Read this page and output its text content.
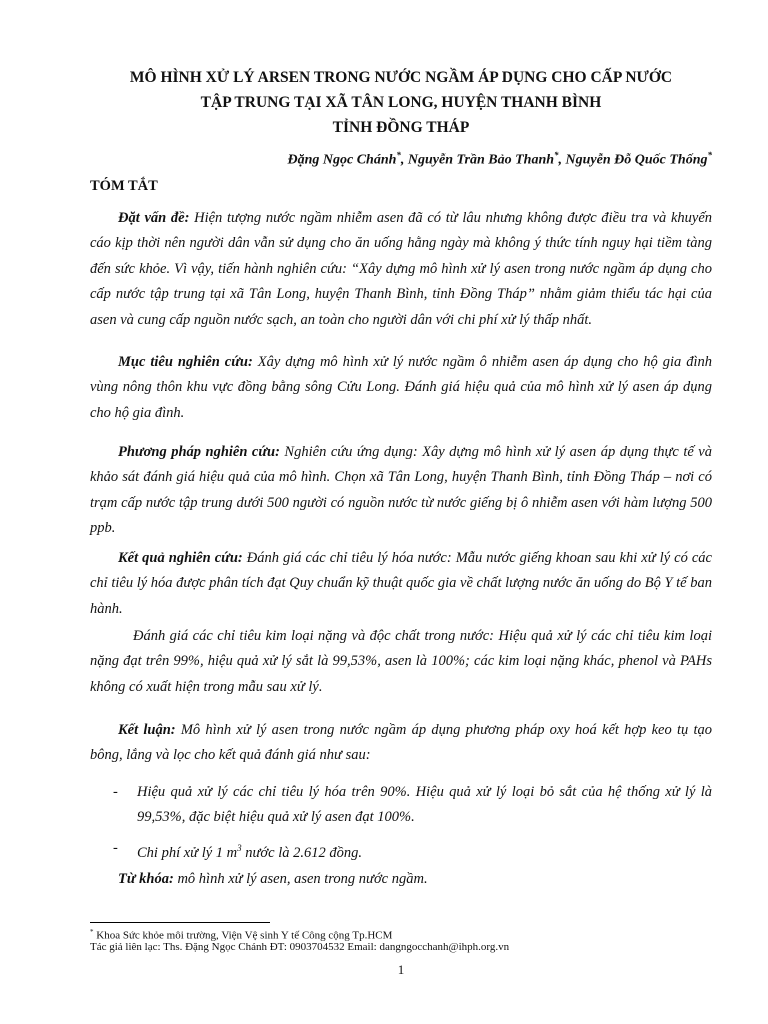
MÔ HÌNH XỬ LÝ ARSEN TRONG NƯỚC NGẦM ÁP DỤNG CHO CẤP NƯỚC
TẬP TRUNG TẠI XÃ TÂN LONG, HUYỆN THANH BÌNH
TỈNH ĐỒNG THÁP
Đặng Ngọc Chánh*, Nguyễn Trần Bảo Thanh*, Nguyễn Đỗ Quốc Thống*
TÓM TẮT
Đặt vấn đề: Hiện tượng nước ngầm nhiễm asen đã có từ lâu nhưng không được điều tra và khuyến cáo kịp thời nên người dân vẫn sử dụng cho ăn uống hằng ngày mà không ý thức tính nguy hại tiềm tàng đến sức khỏe. Vì vậy, tiến hành nghiên cứu: “Xây dựng mô hình xử lý asen trong nước ngầm áp dụng cho cấp nước tập trung tại xã Tân Long, huyện Thanh Bình, tỉnh Đồng Tháp” nhằm giảm thiểu tác hại của asen và cung cấp nguồn nước sạch, an toàn cho người dân với chi phí xử lý thấp nhất.
Mục tiêu nghiên cứu: Xây dựng mô hình xử lý nước ngầm ô nhiễm asen áp dụng cho hộ gia đình vùng nông thôn khu vực đồng bằng sông Cửu Long. Đánh giá hiệu quả của mô hình xử lý asen áp dụng cho hộ gia đình.
Phương pháp nghiên cứu: Nghiên cứu ứng dụng: Xây dựng mô hình xử lý asen áp dụng thực tế và khảo sát đánh giá hiệu quả của mô hình. Chọn xã Tân Long, huyện Thanh Bình, tỉnh Đồng Tháp – nơi có trạm cấp nước tập trung dưới 500 người có nguồn nước từ nước giếng bị ô nhiễm asen với hàm lượng 500 ppb.
Kết quả nghiên cứu: Đánh giá các chỉ tiêu lý hóa nước: Mẫu nước giếng khoan sau khi xử lý có các chỉ tiêu lý hóa được phân tích đạt Quy chuẩn kỹ thuật quốc gia về chất lượng nước ăn uống do Bộ Y tế ban hành.
Đánh giá các chỉ tiêu kim loại nặng và độc chất trong nước: Hiệu quả xử lý các chỉ tiêu kim loại nặng đạt trên 99%, hiệu quả xử lý sắt là 99,53%, asen là 100%; các kim loại nặng khác, phenol và PAHs không có xuất hiện trong mẫu sau xử lý.
Kết luận: Mô hình xử lý asen trong nước ngầm áp dụng phương pháp oxy hoá kết hợp keo tụ tạo bông, lắng và lọc cho kết quả đánh giá như sau:
- Hiệu quả xử lý các chỉ tiêu lý hóa trên 90%. Hiệu quả xử lý loại bỏ sắt của hệ thống xử lý là 99,53%, đặc biệt hiệu quả xử lý asen đạt 100%.
- Chi phí xử lý 1 $m^3$ nước là 2.612 đồng.
Từ khóa: mô hình xử lý asen, asen trong nước ngầm.
* Khoa Sức khỏe môi trường, Viện Vệ sinh Y tế Công cộng Tp.HCM
Tác giả liên lạc: Ths. Đặng Ngọc Chánh ĐT: 0903704532 Email: dangngocchanh@ihph.org.vn
1
